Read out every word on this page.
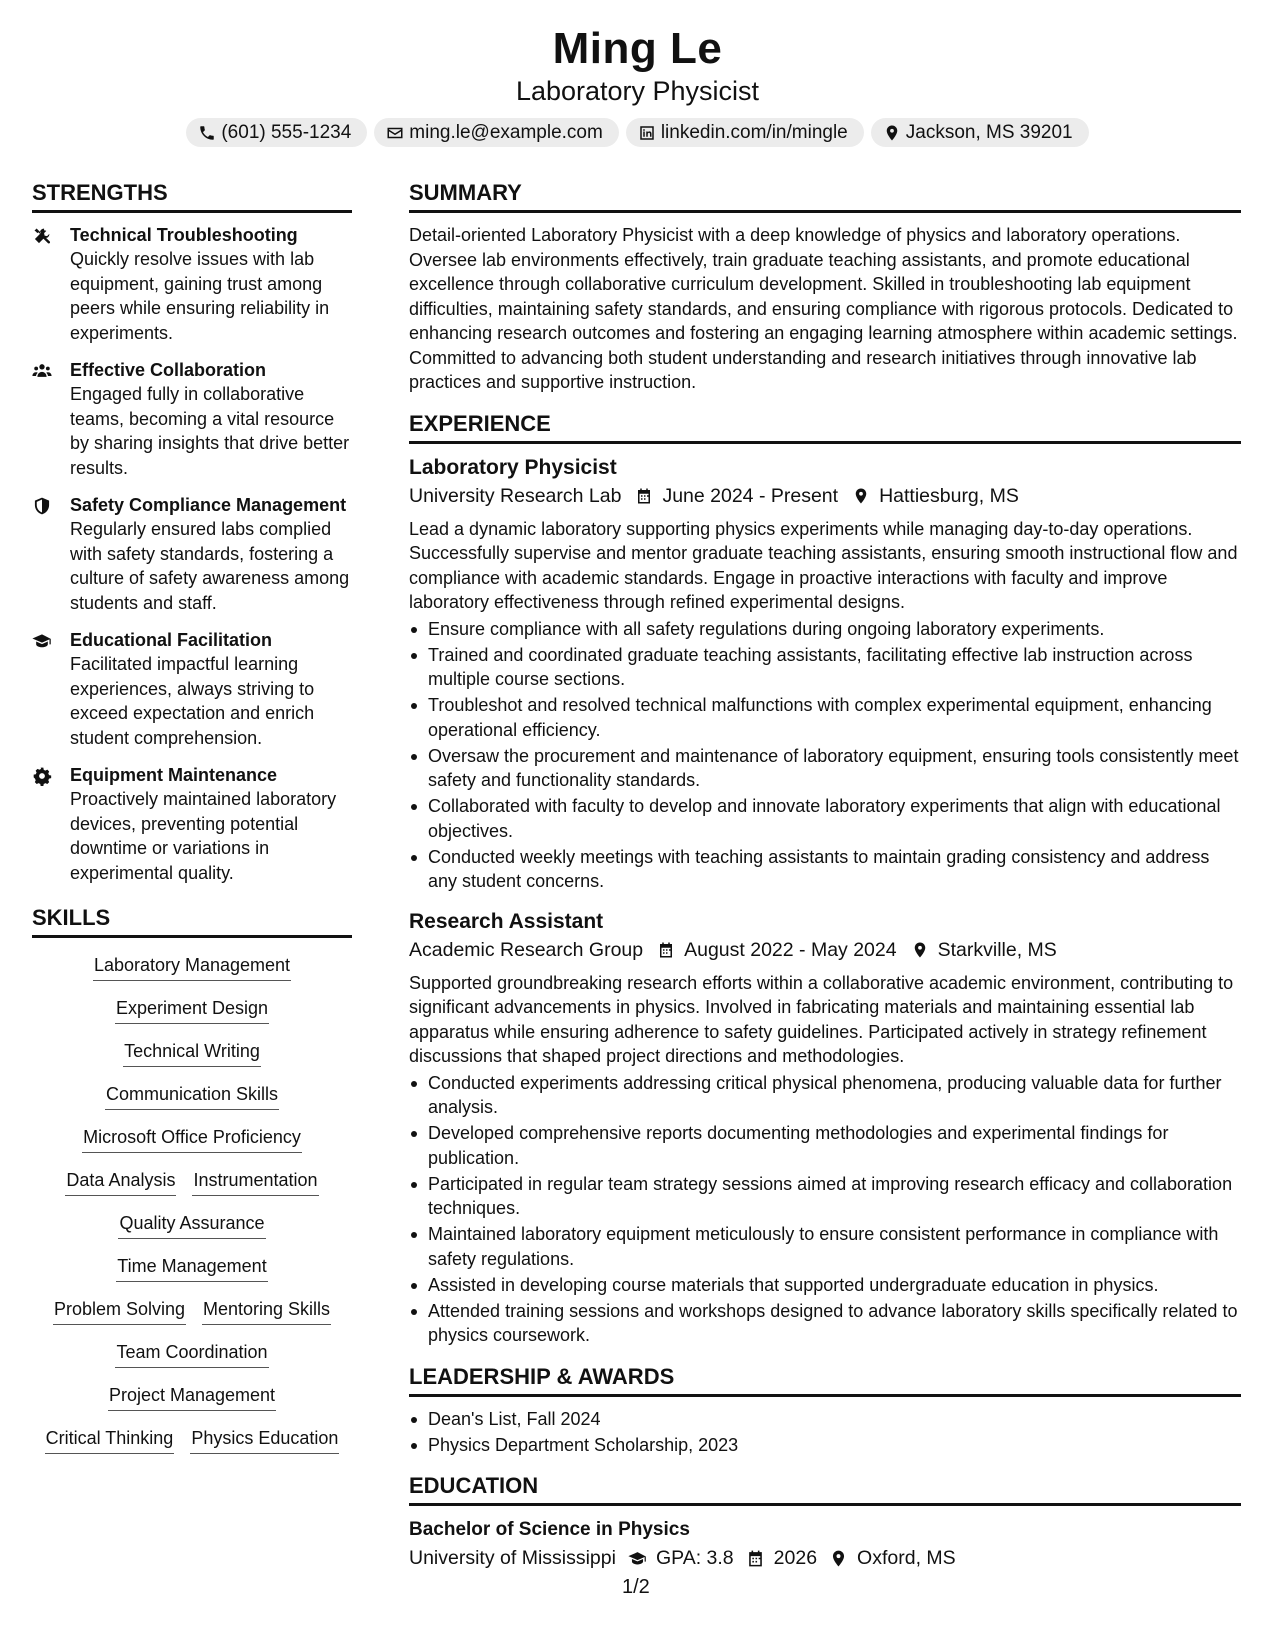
Ming Le
Laboratory Physicist
(601) 555-1234	ming.le@example.com	linkedin.com/in/mingle	Jackson, MS 39201
STRENGTHS
Technical Troubleshooting
Quickly resolve issues with lab equipment, gaining trust among peers while ensuring reliability in experiments.
Effective Collaboration
Engaged fully in collaborative teams, becoming a vital resource by sharing insights that drive better results.
Safety Compliance Management
Regularly ensured labs complied with safety standards, fostering a culture of safety awareness among students and staff.
Educational Facilitation
Facilitated impactful learning experiences, always striving to exceed expectation and enrich student comprehension.
Equipment Maintenance
Proactively maintained laboratory devices, preventing potential downtime or variations in experimental quality.
SKILLS
Laboratory Management
Experiment Design
Technical Writing
Communication Skills
Microsoft Office Proficiency
Data Analysis Instrumentation
Quality Assurance
Time Management
Problem Solving Mentoring Skills
Team Coordination
Project Management
Critical Thinking Physics Education
SUMMARY
Detail-oriented Laboratory Physicist with a deep knowledge of physics and laboratory operations. Oversee lab environments effectively, train graduate teaching assistants, and promote educational excellence through collaborative curriculum development. Skilled in troubleshooting lab equipment difficulties, maintaining safety standards, and ensuring compliance with rigorous protocols. Dedicated to enhancing research outcomes and fostering an engaging learning atmosphere within academic settings. Committed to advancing both student understanding and research initiatives through innovative lab practices and supportive instruction.
EXPERIENCE
Laboratory Physicist
University Research Lab June 2024 - Present Hattiesburg, MS
Lead a dynamic laboratory supporting physics experiments while managing day-to-day operations. Successfully supervise and mentor graduate teaching assistants, ensuring smooth instructional flow and compliance with academic standards. Engage in proactive interactions with faculty and improve laboratory effectiveness through refined experimental designs.
Ensure compliance with all safety regulations during ongoing laboratory experiments.
Trained and coordinated graduate teaching assistants, facilitating effective lab instruction across multiple course sections.
Troubleshot and resolved technical malfunctions with complex experimental equipment, enhancing operational efficiency.
Oversaw the procurement and maintenance of laboratory equipment, ensuring tools consistently meet safety and functionality standards.
Collaborated with faculty to develop and innovate laboratory experiments that align with educational objectives.
Conducted weekly meetings with teaching assistants to maintain grading consistency and address any student concerns.
Research Assistant
Academic Research Group August 2022 - May 2024 Starkville, MS
Supported groundbreaking research efforts within a collaborative academic environment, contributing to significant advancements in physics. Involved in fabricating materials and maintaining essential lab apparatus while ensuring adherence to safety guidelines. Participated actively in strategy refinement discussions that shaped project directions and methodologies.
Conducted experiments addressing critical physical phenomena, producing valuable data for further analysis.
Developed comprehensive reports documenting methodologies and experimental findings for publication.
Participated in regular team strategy sessions aimed at improving research efficacy and collaboration techniques.
Maintained laboratory equipment meticulously to ensure consistent performance in compliance with safety regulations.
Assisted in developing course materials that supported undergraduate education in physics.
Attended training sessions and workshops designed to advance laboratory skills specifically related to physics coursework.
LEADERSHIP & AWARDS
Dean's List, Fall 2024
Physics Department Scholarship, 2023
EDUCATION
Bachelor of Science in Physics
University of Mississippi GPA: 3.8 2026 Oxford, MS
1/2
